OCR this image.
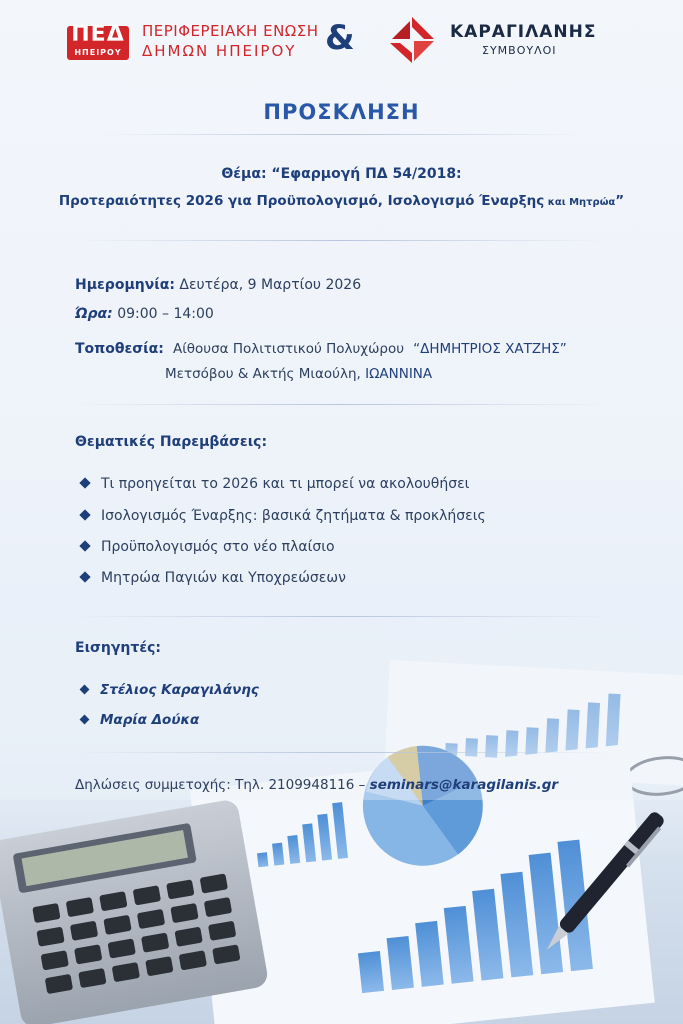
ΠΕΔ
ΗΠΕΙΡΟΥ
ΠΕΡΙΦΕΡΕΙΑΚΗ ΕΝΩΣΗ
ΔΗΜΩΝ ΗΠΕΙΡΟΥ &	ΚΑΡΑΓΙΛΑΝΗΣ
ΣΥΜΒΟΥΛΟΙ
ΠΡΟΣΚΛΗΣΗ
Θέμα: “Εφαρμογή ΠΔ 54/2018:
Προτεραιότητες 2026 για Προϋπολογισμό, Ισολογισμό Έναρξης και Μητρώα”
Ημερομηνία: Δευτέρα, 9 Μαρτίου 2026
Ώρα: 09:00 – 14:00
Τοποθεσία: Αίθουσα Πολιτιστικού Πολυχώρου “ΔΗΜΗΤΡΙΟΣ ΧΑΤΖΗΣ”
Μετσόβου & Ακτής Μιαούλη, ΙΩΑΝΝΙΝΑ
Θεματικές Παρεμβάσεις:
Τι προηγείται το 2026 και τι μπορεί να ακολουθήσει
Ισολογισμός Έναρξης: βασικά ζητήματα & προκλήσεις
Προϋπολογισμός στο νέο πλαίσιο
Μητρώα Παγιών και Υποχρεώσεων
Εισηγητές:
Στέλιος Καραγιλάνης
Μαρία Δούκα
Δηλώσεις συμμετοχής: Τηλ. 2109948116 – seminars@karagilanis.gr
